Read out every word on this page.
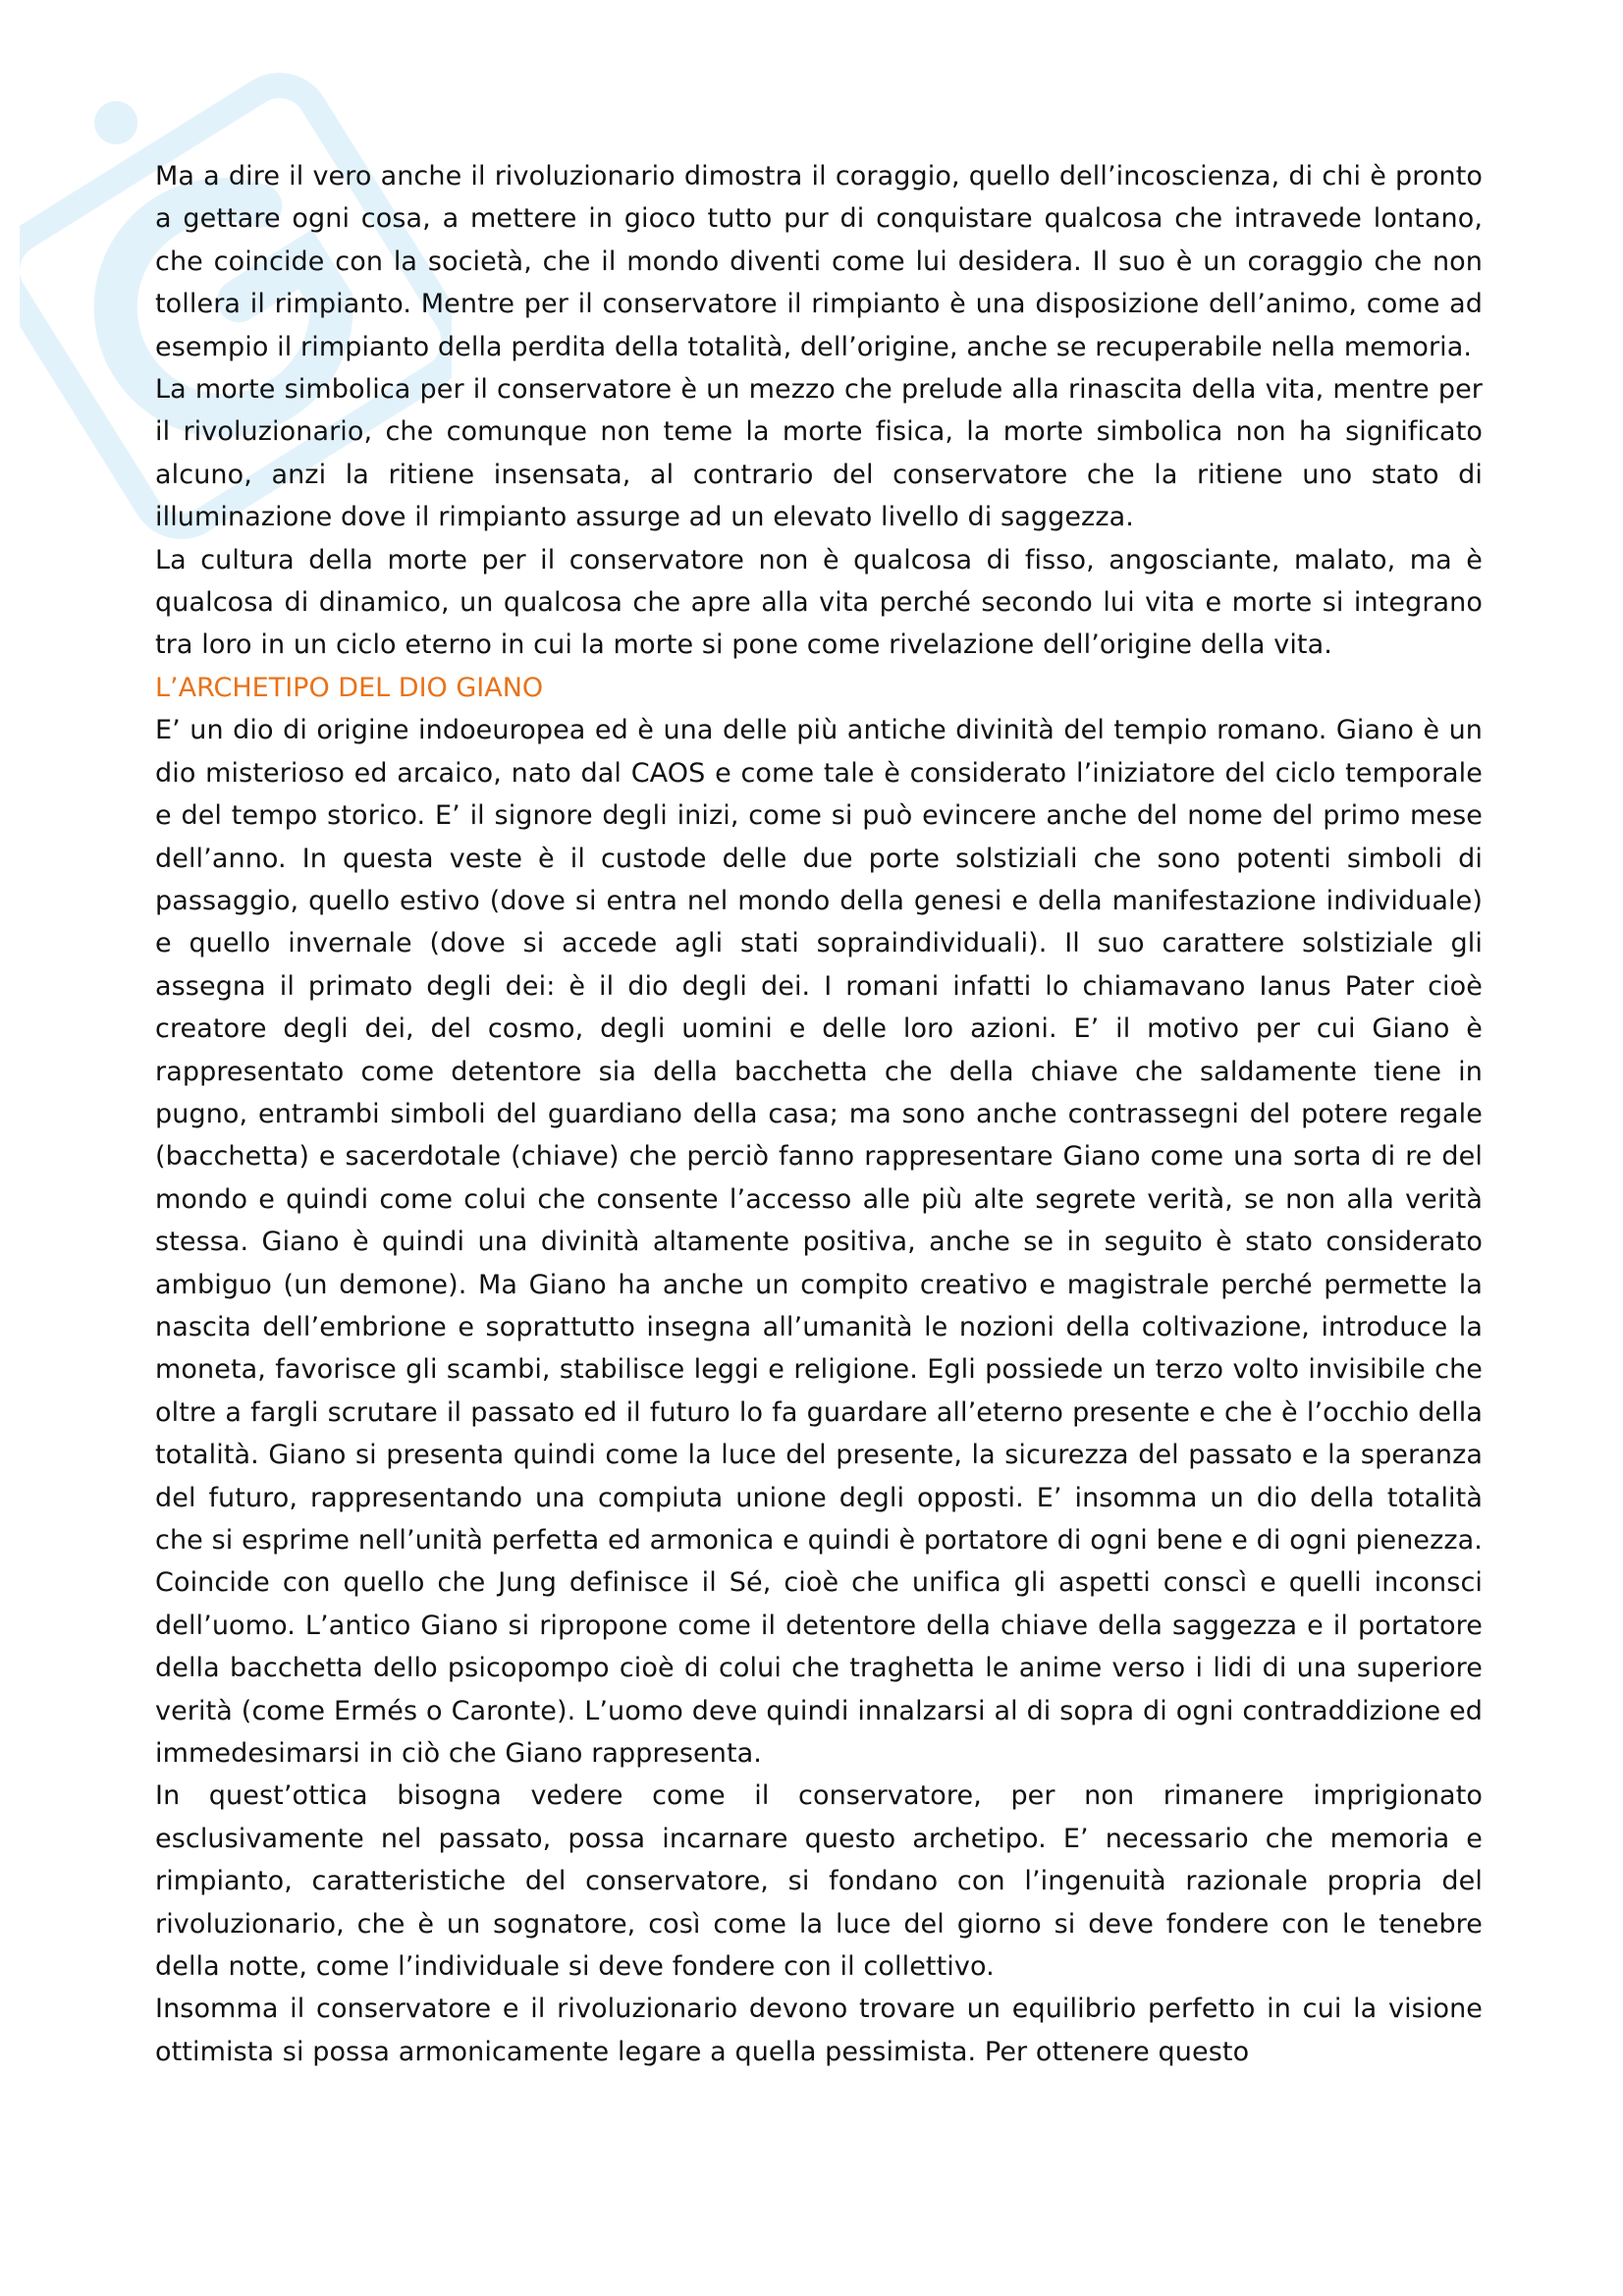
Ma a dire il vero anche il rivoluzionario dimostra il coraggio, quello dell’incoscienza, di chi è pronto a gettare ogni cosa, a mettere in gioco tutto pur di conquistare qualcosa che intravede lontano, che coincide con la società, che il mondo diventi come lui desidera. Il suo è un coraggio che non tollera il rimpianto. Mentre per il conservatore il rimpianto è una disposizione dell’animo, come ad esempio il rimpianto della perdita della totalità, dell’origine, anche se recuperabile nella memoria.

La morte simbolica per il conservatore è un mezzo che prelude alla rinascita della vita, mentre per il rivoluzionario, che comunque non teme la morte fisica, la morte simbolica non ha significato alcuno, anzi la ritiene insensata, al contrario del conservatore che la ritiene uno stato di illuminazione dove il rimpianto assurge ad un elevato livello di saggezza.

La cultura della morte per il conservatore non è qualcosa di fisso, angosciante, malato, ma è qualcosa di dinamico, un qualcosa che apre alla vita perché secondo lui vita e morte si integrano tra loro in un ciclo eterno in cui la morte si pone come rivelazione dell’origine della vita.

L’ARCHETIPO DEL DIO GIANO

E’ un dio di origine indoeuropea ed è una delle più antiche divinità del tempio romano. Giano è un dio misterioso ed arcaico, nato dal CAOS e come tale è considerato l’iniziatore del ciclo temporale e del tempo storico. E’ il signore degli inizi, come si può evincere anche del nome del primo mese dell’anno. In questa veste è il custode delle due porte solstiziali che sono potenti simboli di passaggio, quello estivo (dove si entra nel mondo della genesi e della manifestazione individuale) e quello invernale (dove si accede agli stati sopraindividuali). Il suo carattere solstiziale gli assegna il primato degli dei: è il dio degli dei. I romani infatti lo chiamavano Ianus Pater cioè creatore degli dei, del cosmo, degli uomini e delle loro azioni. E’ il motivo per cui Giano è rappresentato come detentore sia della bacchetta che della chiave che saldamente tiene in pugno, entrambi simboli del guardiano della casa; ma sono anche contrassegni del potere regale (bacchetta) e sacerdotale (chiave) che perciò fanno rappresentare Giano come una sorta di re del mondo e quindi come colui che consente l’accesso alle più alte segrete verità, se non alla verità stessa. Giano è quindi una divinità altamente positiva, anche se in seguito è stato considerato ambiguo (un demone). Ma Giano ha anche un compito creativo e magistrale perché permette la nascita dell’embrione e soprattutto insegna all’umanità le nozioni della coltivazione, introduce la moneta, favorisce gli scambi, stabilisce leggi e religione. Egli possiede un terzo volto invisibile che oltre a fargli scrutare il passato ed il futuro lo fa guardare all’eterno presente e che è l’occhio della totalità. Giano si presenta quindi come la luce del presente, la sicurezza del passato e la speranza del futuro, rappresentando una compiuta unione degli opposti. E’ insomma un dio della totalità che si esprime nell’unità perfetta ed armonica e quindi è portatore di ogni bene e di ogni pienezza. Coincide con quello che Jung definisce il Sé, cioè che unifica gli aspetti conscì e quelli inconsci dell’uomo. L’antico Giano si ripropone come il detentore della chiave della saggezza e il portatore della bacchetta dello psicopompo cioè di colui che traghetta le anime verso i lidi di una superiore verità (come Ermés o Caronte). L’uomo deve quindi innalzarsi al di sopra di ogni contraddizione ed immedesimarsi in ciò che Giano rappresenta.

In quest’ottica bisogna vedere come il conservatore, per non rimanere imprigionato esclusivamente nel passato, possa incarnare questo archetipo. E’ necessario che memoria e rimpianto, caratteristiche del conservatore, si fondano con l’ingenuità razionale propria del rivoluzionario, che è un sognatore, così come la luce del giorno si deve fondere con le tenebre della notte, come l’individuale si deve fondere con il collettivo.

Insomma il conservatore e il rivoluzionario devono trovare un equilibrio perfetto in cui la visione ottimista si possa armonicamente legare a quella pessimista. Per ottenere questo
